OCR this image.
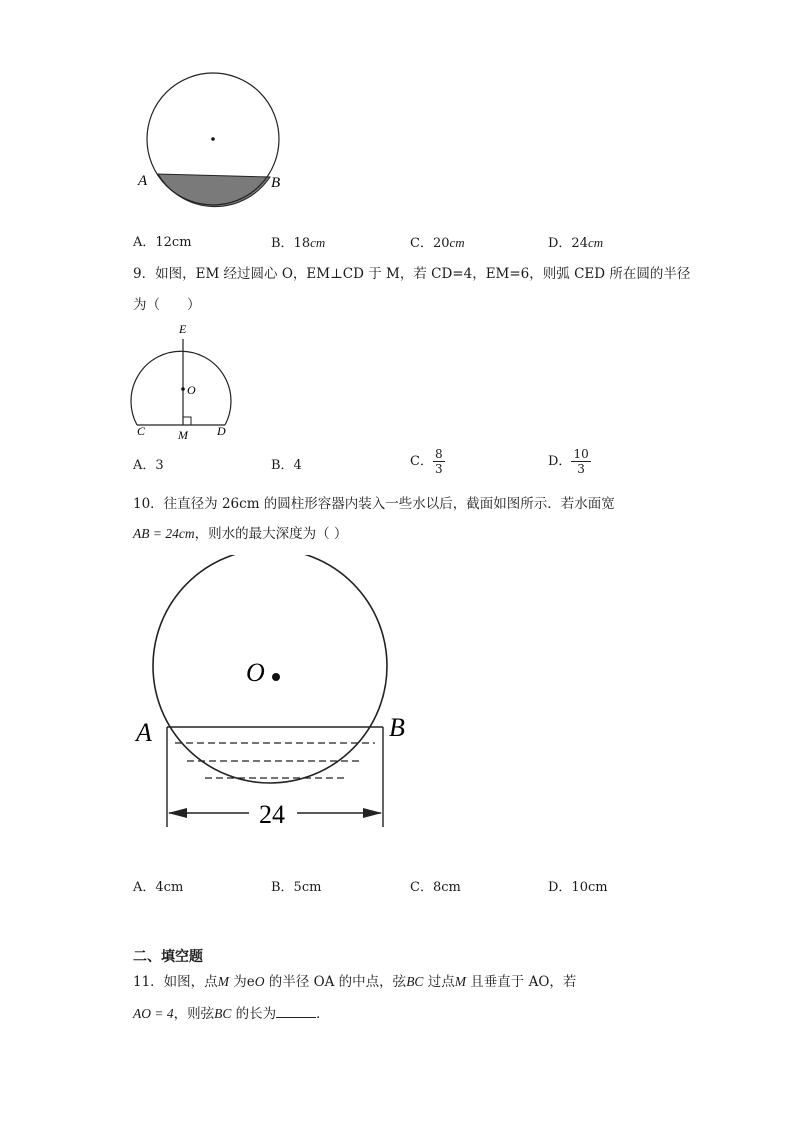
A	B
A．12cm	B．18cm	C．20cm	D．24cm
9．如图，EM 经过圆心 O，EM⊥CD 于 M，若 CD=4，EM=6，则弧 CED 所在圆的半径
为（　　）
E
O
C	M D
A．3	B．4	C． $\frac{8}{3}$	D． $\frac{10}{3}$
10．往直径为 26cm 的圆柱形容器内装入一些水以后，截面如图所示．若水面宽
AB = 24cm，则水的最大深度为（ ）
O
A	B
24
A．4cm	B．5cm	C．8cm	D．10cm
二、填空题
11．如图，点M 为eO 的半径 OA 的中点，弦BC 过点M 且垂直于 AO，若
AO = 4，则弦BC 的长为	．
